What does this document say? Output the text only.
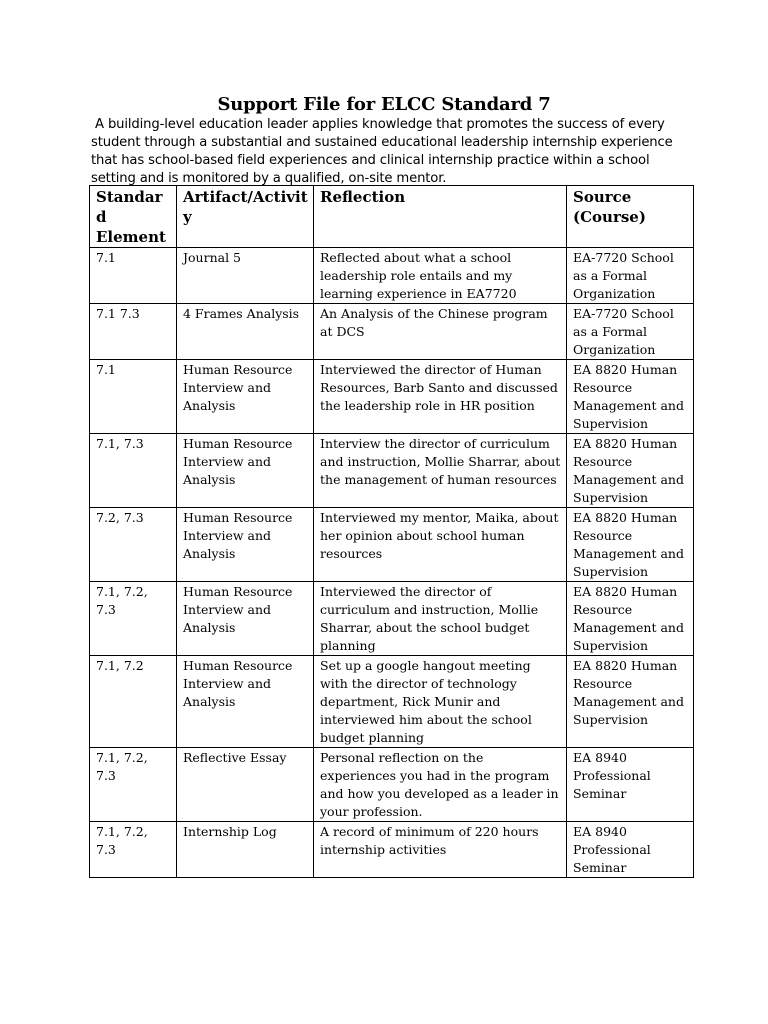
Support File for ELCC Standard 7

A building-level education leader applies knowledge that promotes the success of every student through a substantial and sustained educational leadership internship experience that has school-based field experiences and clinical internship practice within a school setting and is monitored by a qualified, on-site mentor.

Standard Element	Artifact/Activity	Reflection	Source (Course)
7.1	Journal 5	Reflected about what a school leadership role entails and my learning experience in EA7720	EA-7720 School as a Formal Organization
7.1 7.3	4 Frames Analysis	An Analysis of the Chinese program at DCS	EA-7720 School as a Formal Organization
7.1	Human Resource Interview and Analysis	Interviewed the director of Human Resources, Barb Santo and discussed the leadership role in HR position	EA 8820 Human Resource Management and Supervision
7.1, 7.3	Human Resource Interview and Analysis	Interview the director of curriculum and instruction, Mollie Sharrar, about the management of human resources	EA 8820 Human Resource Management and Supervision
7.2, 7.3	Human Resource Interview and Analysis	Interviewed my mentor, Maika, about her opinion about school human resources	EA 8820 Human Resource Management and Supervision
7.1, 7.2, 7.3	Human Resource Interview and Analysis	Interviewed the director of curriculum and instruction, Mollie Sharrar, about the school budget planning	EA 8820 Human Resource Management and Supervision
7.1, 7.2	Human Resource Interview and Analysis	Set up a google hangout meeting with the director of technology department, Rick Munir and interviewed him about the school budget planning	EA 8820 Human Resource Management and Supervision
7.1, 7.2, 7.3	Reflective Essay	Personal reflection on the experiences you had in the program and how you developed as a leader in your profession.	EA 8940 Professional Seminar
7.1, 7.2, 7.3	Internship Log	A record of minimum of 220 hours internship activities	EA 8940 Professional Seminar
